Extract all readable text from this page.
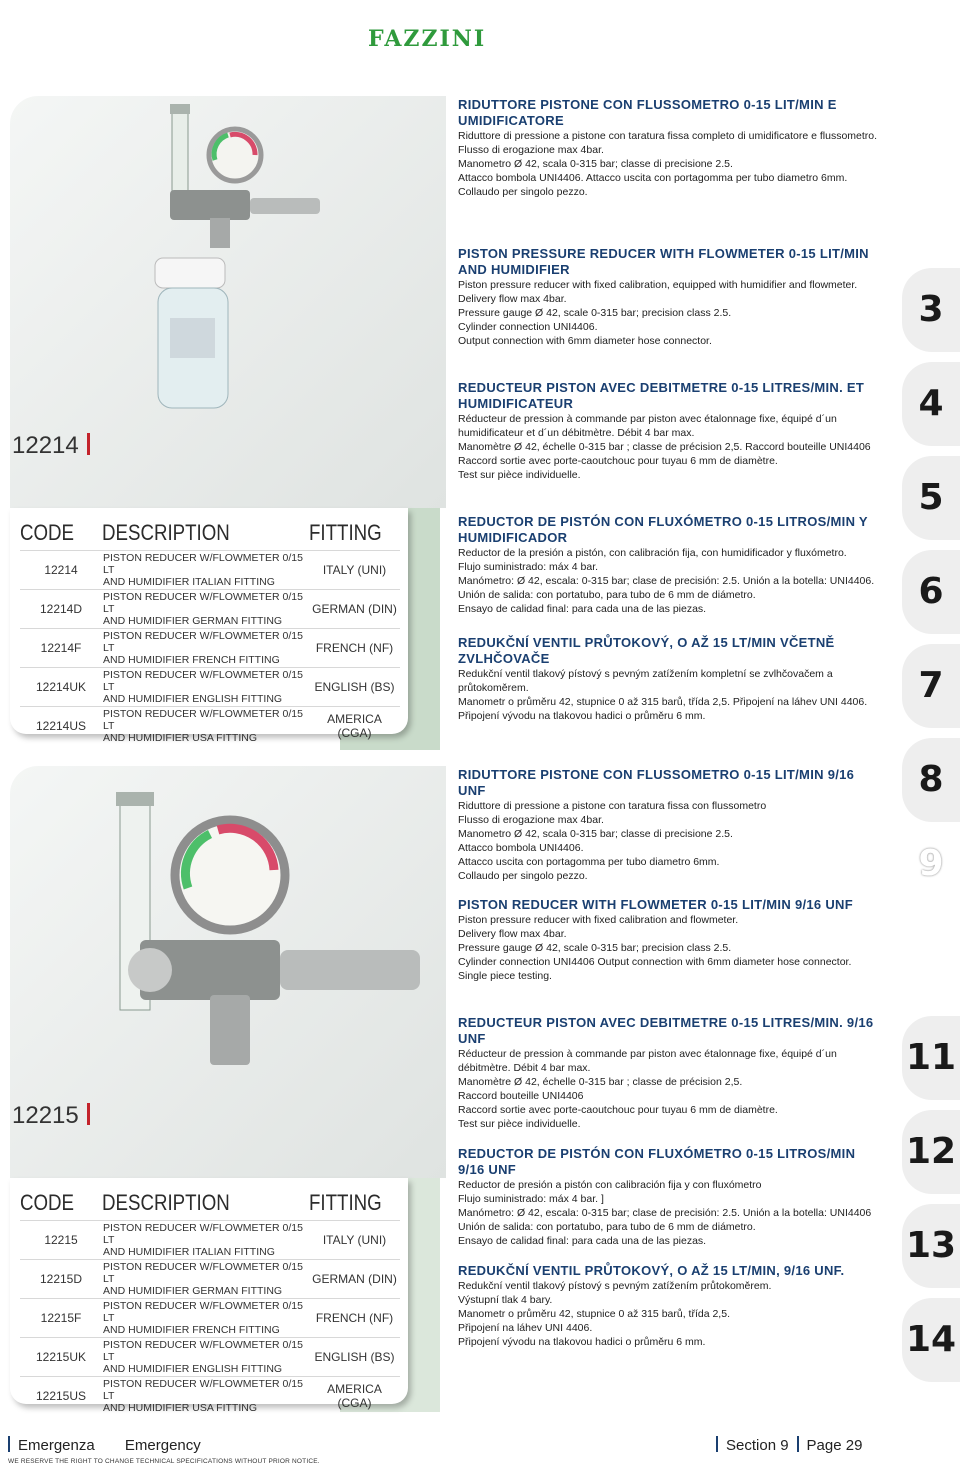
FAZZINI
12214
CODE	DESCRIPTION	FITTING
12214	PISTON REDUCER W/FLOWMETER 0/15 LT
AND HUMIDIFIER ITALIAN FITTING	ITALY (UNI)
12214D	PISTON REDUCER W/FLOWMETER 0/15 LT
AND HUMIDIFIER GERMAN FITTING	GERMAN (DIN)
12214F	PISTON REDUCER W/FLOWMETER 0/15 LT
AND HUMIDIFIER FRENCH FITTING	FRENCH (NF)
12214UK	PISTON REDUCER W/FLOWMETER 0/15 LT
AND HUMIDIFIER ENGLISH FITTING	ENGLISH (BS)
12214US	PISTON REDUCER W/FLOWMETER 0/15 LT
AND HUMIDIFIER USA FITTING	AMERICA (CGA)
RIDUTTORE PISTONE CON FLUSSOMETRO 0-15 LIT/MIN E UMIDIFICATORE

Riduttore di pressione a pistone con taratura fissa completo di umidificatore e flussometro.
Flusso di erogazione max 4bar.
Manometro Ø 42, scala 0-315 bar; classe di precisione 2.5.
Attacco bombola UNI4406. Attacco uscita con portagomma per tubo diametro 6mm.
Collaudo per singolo pezzo.

PISTON PRESSURE REDUCER WITH FLOWMETER 0-15 LIT/MIN AND HUMIDIFIER

Piston pressure reducer with fixed calibration, equipped with humidifier and flowmeter.
Delivery flow max 4bar.
Pressure gauge Ø 42, scale 0-315 bar; precision class 2.5.
Cylinder connection UNI4406.
Output connection with 6mm diameter hose connector.

REDUCTEUR PISTON AVEC DEBITMETRE 0-15 LITRES/MIN. ET HUMIDIFICATEUR

Réducteur de pression à commande par piston avec étalonnage fixe, équipé d´un humidificateur et d´un débitmètre. Débit 4 bar max.
Manomètre Ø 42, échelle 0-315 bar ; classe de précision 2,5. Raccord bouteille UNI4406
Raccord sortie avec porte-caoutchouc pour tuyau 6 mm de diamètre.
Test sur pièce individuelle.

REDUCTOR DE PISTÓN CON FLUXÓMETRO 0-15 LITROS/MIN Y HUMIDIFICADOR

Reductor de la presión a pistón, con calibración fija, con humidificador y fluxómetro.
Flujo suministrado: máx 4 bar.
Manómetro: Ø 42, escala: 0-315 bar; clase de precisión: 2.5. Unión a la botella: UNI4406.
Unión de salida: con portatubo, para tubo de 6 mm de diámetro.
Ensayo de calidad final: para cada una de las piezas.

REDUKČNÍ VENTIL PRŮTOKOVÝ, O AŽ 15 LT/MIN VČETNĚ ZVLHČOVAČE

Redukční ventil tlakový pístový s pevným zatížením kompletní se zvlhčovačem a průtokoměrem.
Manometr o průměru 42, stupnice 0 až 315 barů, třída 2,5. Připojení na láhev UNI 4406.
Připojení vývodu na tlakovou hadici o průměru 6 mm.

12215
CODE	DESCRIPTION	FITTING
12215	PISTON REDUCER W/FLOWMETER 0/15 LT
AND HUMIDIFIER ITALIAN FITTING	ITALY (UNI)
12215D	PISTON REDUCER W/FLOWMETER 0/15 LT
AND HUMIDIFIER GERMAN FITTING	GERMAN (DIN)
12215F	PISTON REDUCER W/FLOWMETER 0/15 LT
AND HUMIDIFIER FRENCH FITTING	FRENCH (NF)
12215UK	PISTON REDUCER W/FLOWMETER 0/15 LT
AND HUMIDIFIER ENGLISH FITTING	ENGLISH (BS)
12215US	PISTON REDUCER W/FLOWMETER 0/15 LT
AND HUMIDIFIER USA FITTING	AMERICA (CGA)
RIDUTTORE PISTONE CON FLUSSOMETRO 0-15 LIT/MIN 9/16 UNF

Riduttore di pressione a pistone con taratura fissa con flussometro
Flusso di erogazione max 4bar.
Manometro Ø 42, scala 0-315 bar; classe di precisione 2.5.
Attacco bombola UNI4406.
Attacco uscita con portagomma per tubo diametro 6mm.
Collaudo per singolo pezzo.

PISTON REDUCER WITH FLOWMETER 0-15 LIT/MIN 9/16 UNF

Piston pressure reducer with fixed calibration and flowmeter.
Delivery flow max 4bar.
Pressure gauge Ø 42, scale 0-315 bar; precision class 2.5.
Cylinder connection UNI4406 Output connection with 6mm diameter hose connector.
Single piece testing.

REDUCTEUR PISTON AVEC DEBITMETRE 0-15 LITRES/MIN. 9/16 UNF

Réducteur de pression à commande par piston avec étalonnage fixe, équipé d´un débitmètre. Débit 4 bar max.
Manomètre Ø 42, échelle 0-315 bar ; classe de précision 2,5.
Raccord bouteille UNI4406
Raccord sortie avec porte-caoutchouc pour tuyau 6 mm de diamètre.
Test sur pièce individuelle.

REDUCTOR DE PISTÓN CON FLUXÓMETRO 0-15 LITROS/MIN 9/16 UNF

Reductor de presión a pistón con calibración fija y con fluxómetro
Flujo suministrado: máx 4 bar. ]
Manómetro: Ø 42, escala: 0-315 bar; clase de precisión: 2.5. Unión a la botella: UNI4406
Unión de salida: con portatubo, para tubo de 6 mm de diámetro.
Ensayo de calidad final: para cada una de las piezas.

REDUKČNÍ VENTIL PRŮTOKOVÝ, O AŽ 15 LT/MIN, 9/16 UNF.

Redukční ventil tlakový pístový s pevným zatížením průtokoměrem.
Výstupní tlak 4 bary.
Manometr o průměru 42, stupnice 0 až 315 barů, třída 2,5.
Připojení na láhev UNI 4406.
Připojení vývodu na tlakovou hadici o průměru 6 mm.

3
4
5
6
7
8
9
11
12
13
14
Emergenza Emergency	Section 9 Page 29
WE RESERVE THE RIGHT TO CHANGE TECHNICAL SPECIFICATIONS WITHOUT PRIOR NOTICE.
